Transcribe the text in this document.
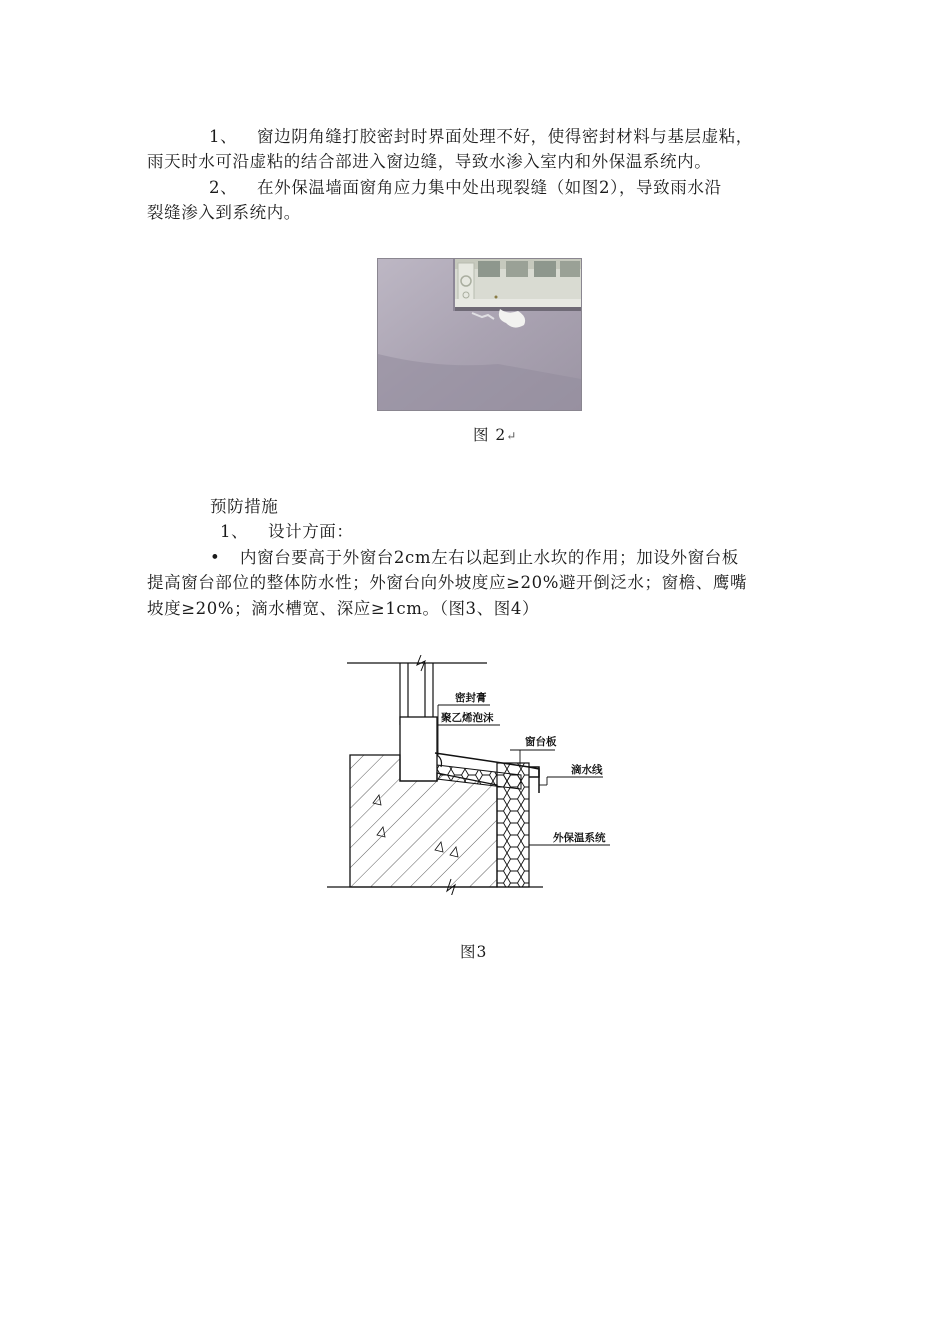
1、 窗边阴角缝打胶密封时界面处理不好，使得密封材料与基层虚粘，
雨天时水可沿虚粘的结合部进入窗边缝，导致水渗入室内和外保温系统内。
2、 在外保温墙面窗角应力集中处出现裂缝（如图2），导致雨水沿
裂缝渗入到系统内。
图 2↵
预防措施
1、 设计方面：
• 内窗台要高于外窗台2cm左右以起到止水坎的作用；加设外窗台板
提高窗台部位的整体防水性；外窗台向外坡度应≥20%避开倒泛水；窗檐、鹰嘴
坡度≥20%；滴水槽宽、深应≥1cm。（图3、图4）
密封膏
聚乙烯泡沫
窗台板
滴水线
外保温系统
图3
